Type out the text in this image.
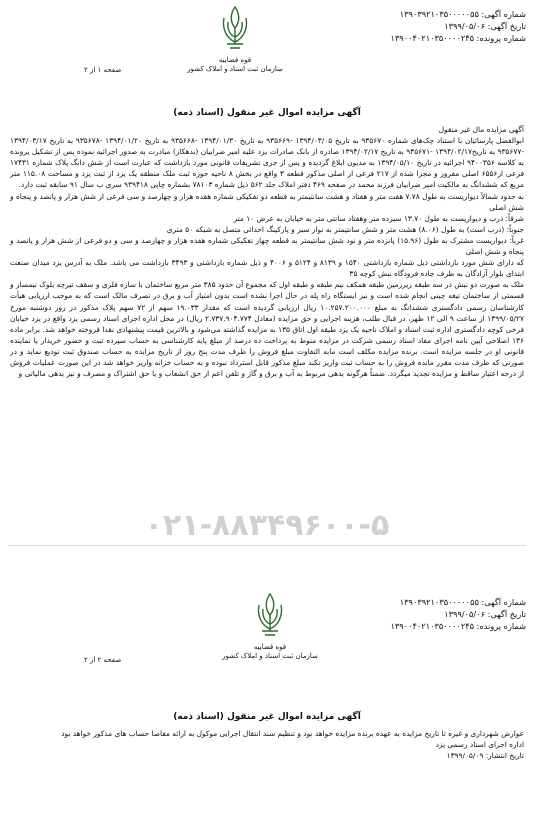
شماره آگهی: ۱۳۹۰۳۹۲۱۰۳۵۰۰۰۰۰۵۵
تاریخ آگهی: ۱۳۹۹/۰۵/۰۶
شماره پرونده: ۱۳۹۰۰۴۰۲۱۰۳۵۰۰۰۰۲۴۵
قوه قضاییه
سازمان ثبت اسناد و املاک کشور
صفحه ۱ از ۲
آگهی مزایده اموال غیر منقول (اسناد ذمه)

آگهی مزایده مال غیر منقول

ابوالفضل پارسائیان با استناد چک‌های شماره ۹۳۵۶۷۰ به تاریخ ۱۳۹۴/۰۳/۰۵ -۹۳۵۶۶۹ به تاریخ ۱۳۹۴/۰۱/۳۰ -۹۳۵۶۶۸ به تاریخ ۱۳۹۴/۰۱/۲۰ -۹۳۵۶۷۸ به تاریخ ۱۳۹۴/۰۳/۱۷ -۹۳۵۶۷۷ به تاریخ۱۳۹۴/۰۲/۱۷ -۹۳۵۶۷۱ به تاریخ ۱۳۹۴/۰۲/۱۷ صادره از بانک صادرات یزد علیه امیر ضرابیان (بدهکار) مبادرت به صدور اجرائیه نموده پس از تشکیل پرونده به کلاسه ۹۴۰۰۳۵۶ اجرائیه در تاریخ ۱۳۹۴/۰۵/۱۰ به مدیون ابلاغ گردیده و پس از جری تشریفات قانونی مورد بازداشت که عبارت است از شش دانگ پلاک شماره ۱۷۴۳۱ فرعی از۶۵۵۶ اصلی مفروز و مجزا شده از ۲۱۷ فرعی از اصلی مذکور قطعه ۳ واقع در بخش ۸ ناحیه حوزه ثبت ملک منطقه یک یزد از ثبت یزد و مساحت ۱۱۵.۰۸ متر مربع که ششدانگ به مالکیت امیر ضرابیان فرزند محمد در صفحه ۴۶۹ دفتر املاک جلد ۵۶۲ ذیل شماره ۷۸۱۰۳ بشماره چاپی ۹۳۹۴۱۸ سری ب سال ۹۱ سابقه ثبت دارد.

به حدود شمالاً دیواریست به طول ۷.۷۸ هفت متر و هفتاد و هشت سانتیمتر به قطعه دو تفکیکی شماره هفده هزار و چهارصد و سی فرعی از شش هزار و پانصد و پنجاه و شش اصلی

شرقاً: درب و دیواریست به طول ۱۳.۷۰ سیزده متر وهفتاد سانتی متر به خیابان به عرض ۱۰ متر

جنوباً: (درب است) به طول (۸.۰۶) هشت متر و شش سانتیمتر به نوار سبز و پارکینگ احداثی متصل به شبکه ۵۰ متری

غرباً: دیواریست مشترک به طول (۱۵.۹۶) پانزده متر و نود شش سانتیمتر به قطعه چهار تفکیکی شماره هفده هزار و چهارصد و سی و دو فرعی از شش هزار و پانصد و پنجاه و شش اصلی

که دارای شش مورد بازداشتی ذیل شماره بازداشتی ۱۵۴۰ و ۸۱۳۹ و ۵۱۲۴ و ۴۰۰۶ و ذیل شماره بازداشتی و ۳۴۹۳ بازداشت می باشد. ملک به آدرس یزد میدان صنعت ابتدای بلوار آزادگان به طرف جاده فرودگاه نبش کوچه ۳۵

ملک به صورت دو نبش در سه طبقه زیرزمین طبقه همکف نیم طبقه و طبقه اول که مجموع آن حدود ۳۸۵ متر مربع ساختمان با سازه فلزی و سقف تیرچه بلوک نیمساز و قسمتی از ساختمان تیغه چینی انجام شده است و نیز ایستگاه راه پله در حال اجرا نشده است بدون امتیاز آب و برق در تصرف مالک است که به موجب ارزیابی هیأت کارشناسان رسمی دادگستری ششدانگ به مبلغ ۱۰.۲۵۷.۲۰۰.۰۰۰ ریال ارزیابی گردیده است که مقدار ۱۹.۰۳۳ سهم از ۷۲ سهم پلاک مذکور در روز دوشنبه مورخ ۱۳۹۹/۰۵/۲۷ از ساعت ۹ الی ۱۲ ظهر، در قبال طلب، هزینه اجرایی و حق مزایده (معادل ۲.۷۳۷.۹۰۴.۷۷۴ ریال) در محل اداره اجرای اسناد رسمی یزد واقع در یزد خیابان فرخی کوچه دادگستری اداره ثبت اسناد و املاک ناحیه یک یزد طبقه اول اتاق ۱۳۵ به مزایده گذاشته می‌شود و بالاترین قیمت پیشنهادی نقدا فروخته خواهد شد. برابر ماده ۱۳۶ اصلاحی آیین نامه اجرای مفاد اسناد رسمی شرکت در مزایده منوط به پرداخت ده درصد از مبلغ پایه کارشناسی به حساب سپرده ثبت و حضور خریدار یا نماینده قانونی او در جلسه مزایده است. برنده مزایده مکلف است مابه التفاوت مبلغ فروش را ظرف مدت پنج روز از تاریخ مزایده به حساب صندوق ثبت تودیع نماید و در صورتی که ظرف مدت مقرر مانده فروش را به حساب ثبت واریز نکند مبلغ مذکور قابل استرداد نبوده و به حساب خزانه واریز خواهد شد در این صورت عملیات فروش از درجه اعتبار ساقط و مزایده تجدید میگردد. ضمناً هرگونه بدهی مربوط به آب و برق و گاز و تلفن اعم از حق انشعاب و یا حق اشتراک و مصرف و نیز بدهی مالیاتی و

۰۲۱-۸۸۳۴۹۶۰۰-۵
شماره آگهی: ۱۳۹۰۳۹۲۱۰۳۵۰۰۰۰۰۵۵
تاریخ آگهی: ۱۳۹۹/۰۵/۰۶
شماره پرونده: ۱۳۹۰۰۴۰۲۱۰۳۵۰۰۰۰۲۴۵
قوه قضاییه
سازمان ثبت اسناد و املاک کشور
صفحه ۲ از ۲
آگهی مزایده اموال غیر منقول (اسناد ذمه)

عوارض شهرداری و غیره تا تاریخ مزایده به عهده برنده مزایده خواهد بود و تنظیم سند انتقال اجرایی موکول به ارائه مفاصا حساب های مذکور خواهد بود

اداره اجرای اسناد رسمی یزد

تاریخ انتشار: ۱۳۹۹/۰۵/۰۹
